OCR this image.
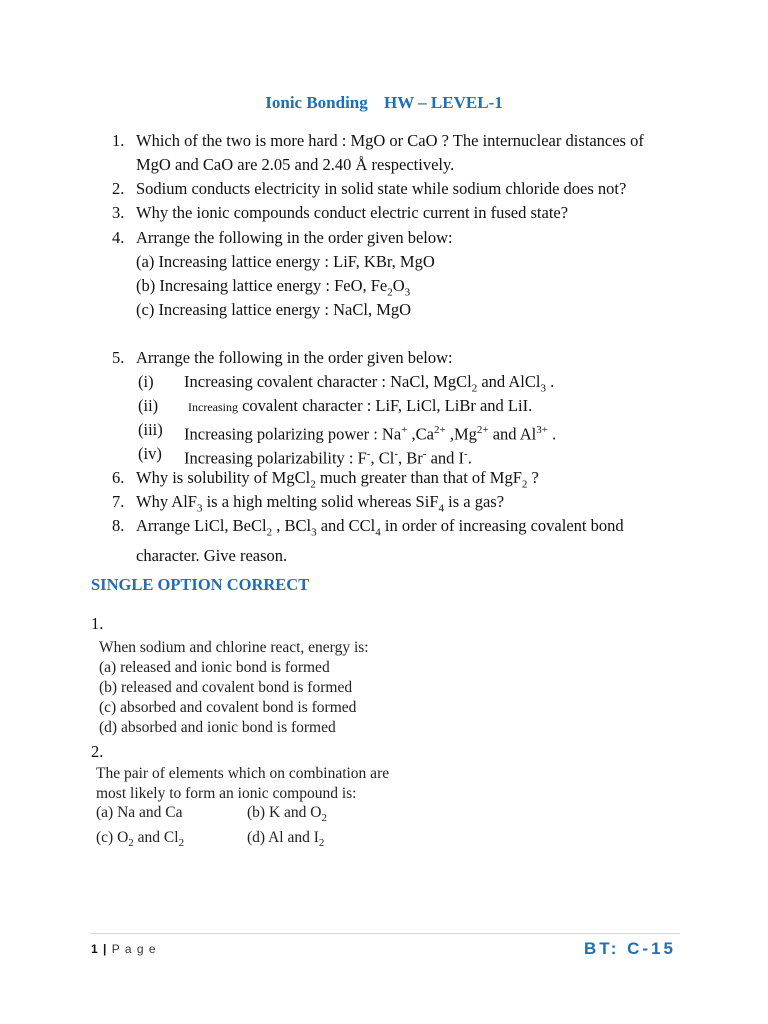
Ionic Bonding HW – LEVEL-1
1. Which of the two is more hard : MgO or CaO ? The internuclear distances of
MgO and CaO are 2.05 and 2.40 Å respectively.
2. Sodium conducts electricity in solid state while sodium chloride does not?
3. Why the ionic compounds conduct electric current in fused state?
4. Arrange the following in the order given below:
(a) Increasing lattice energy : LiF, KBr, MgO
(b) Incresaing lattice energy : FeO, $Fe_2O_3$
(c) Increasing lattice energy : NaCl, MgO
5. Arrange the following in the order given below:
(i) Increasing covalent character : NaCl, MgCl$_2$ and AlCl$_3$ .
(ii) Increasing covalent character : LiF, LiCl, LiBr and LiI.
(iii) Increasing polarizing power : Na+ $,Ca^{2+}$ $,Mg^{2+}$ and $Al^{3+}$ .
(iv) Increasing polarizability : F-, Cl-, Br- and I-.
6. Why is solubility of MgCl$_2$ much greater than that of MgF$_2$ ?
7. Why AlF$_3$ is a high melting solid whereas SiF$_4$ is a gas?
8. Arrange LiCl, BeCl$_2$ , BCl$_3$ and CCl$_4$ in order of increasing covalent bond
character. Give reason.
SINGLE OPTION CORRECT
1.
When sodium and chlorine react, energy is:
(a) released and ionic bond is formed
(b) released and covalent bond is formed
(c) absorbed and covalent bond is formed
(d) absorbed and ionic bond is formed
2.
The pair of elements which on combination are
most likely to form an ionic compound is:
(a) Na and Ca	(b) K and $O_2$
(c) $O_2$ and $Cl_2$	(d) Al and $I_2$
1 | P a g e	BT: C-15
